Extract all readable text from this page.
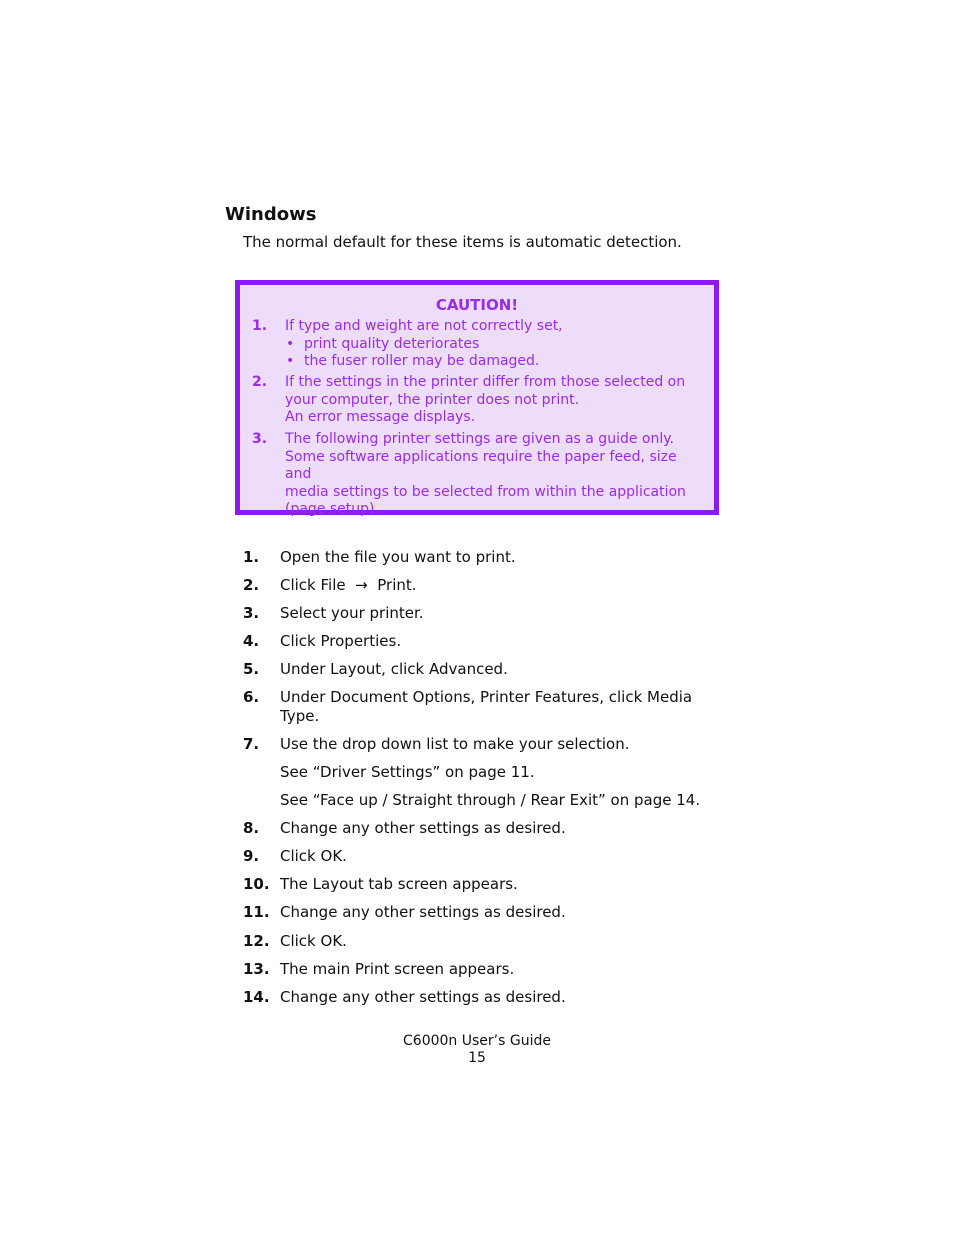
Windows

The normal default for these items is automatic detection.

CAUTION!
1.	If type and weight are not correctly set,
• print quality deteriorates
• the fuser roller may be damaged.
2.	If the settings in the printer differ from those selected on
your computer, the printer does not print.
An error message displays.
3.	The following printer settings are given as a guide only.
Some software applications require the paper feed, size and
media settings to be selected from within the application
(page setup).
1.	Open the file you want to print.
2.	Click File  →  Print.
3.	Select your printer.
4.	Click Properties.
5.	Under Layout, click Advanced.
6.	Under Document Options, Printer Features, click Media
Type.
7.	Use the drop down list to make your selection.
See “Driver Settings” on page 11.
See “Face up / Straight through / Rear Exit” on page 14.
8.	Change any other settings as desired.
9.	Click OK.
10. The Layout tab screen appears.
11. Change any other settings as desired.
12. Click OK.
13. The main Print screen appears.
14. Change any other settings as desired.
C6000n User’s Guide
15
